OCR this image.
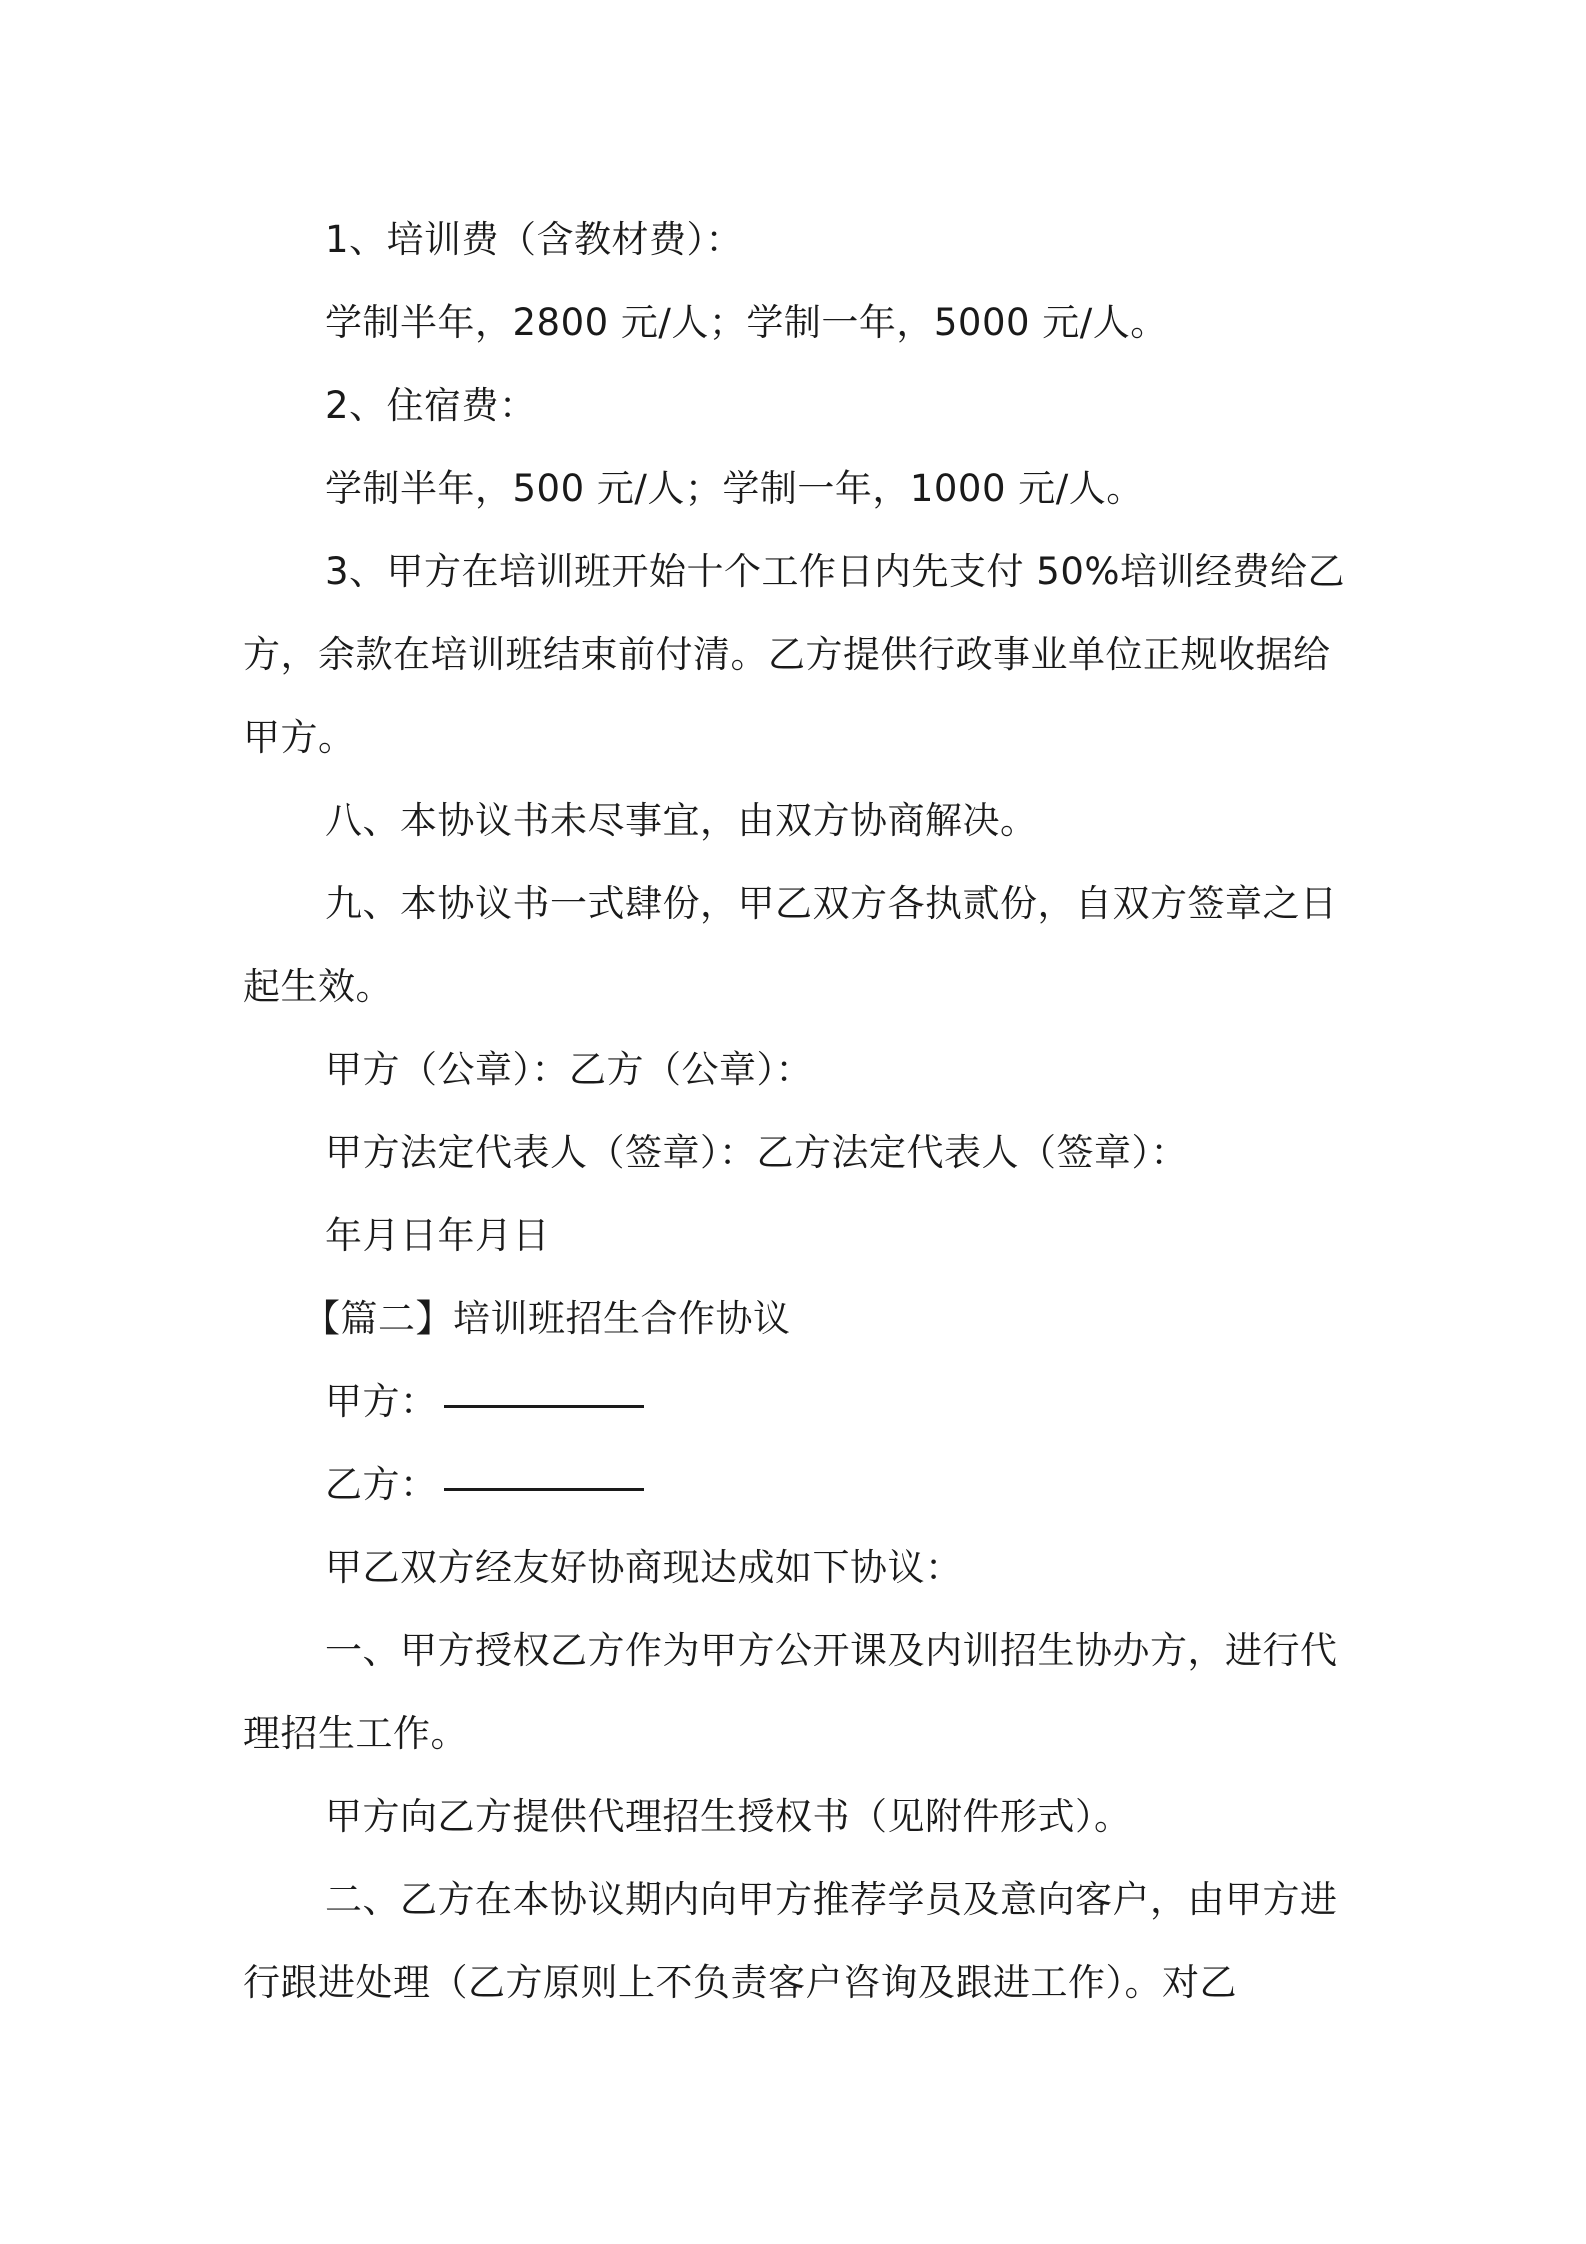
1、培训费（含教材费）：

学制半年，2800 元/人；学制一年，5000 元/人。

2、住宿费：

学制半年，500 元/人；学制一年，1000 元/人。

3、甲方在培训班开始十个工作日内先支付 50%培训经费给乙方，余款在培训班结束前付清。乙方提供行政事业单位正规收据给甲方。

八、本协议书未尽事宜，由双方协商解决。

九、本协议书一式肆份，甲乙双方各执贰份，自双方签章之日起生效。

甲方（公章）：乙方（公章）：

甲方法定代表人（签章）：乙方法定代表人（签章）：

年月日年月日

【篇二】培训班招生合作协议

甲方：

乙方：

甲乙双方经友好协商现达成如下协议：

一、甲方授权乙方作为甲方公开课及内训招生协办方，进行代理招生工作。

甲方向乙方提供代理招生授权书（见附件形式）。

二、乙方在本协议期内向甲方推荐学员及意向客户，由甲方进行跟进处理（乙方原则上不负责客户咨询及跟进工作）。对乙
